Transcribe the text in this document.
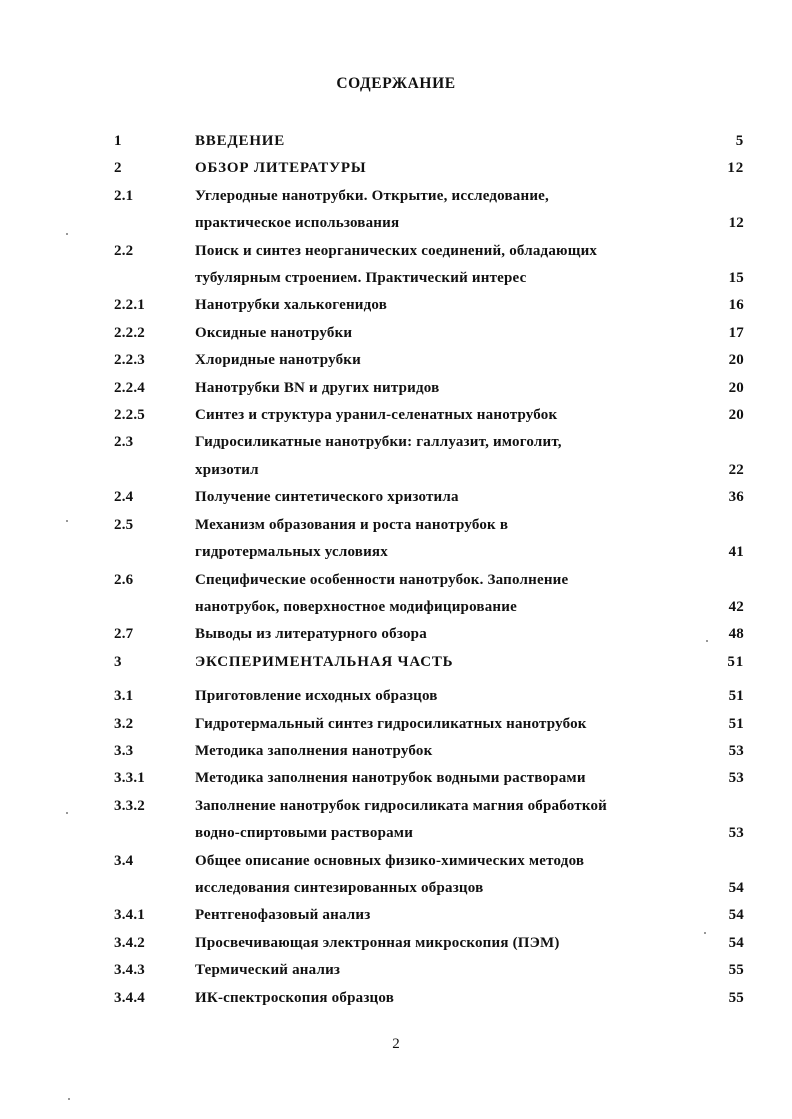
СОДЕРЖАНИЕ
1	ВВЕДЕНИЕ	5
2	ОБЗОР ЛИТЕРАТУРЫ	12
2.1	Углеродные нанотрубки. Открытие, исследование,
практическое использования	12
2.2	Поиск и синтез неорганических соединений, обладающих
тубулярным строением. Практический интерес	15
2.2.1	Нанотрубки халькогенидов	16
2.2.2	Оксидные нанотрубки	17
2.2.3	Хлоридные нанотрубки	20
2.2.4	Нанотрубки BN и других нитридов	20
2.2.5	Синтез и структура уранил-селенатных нанотрубок	20
2.3	Гидросиликатные нанотрубки: галлуазит, имоголит,
хризотил	22
2.4	Получение синтетического хризотила	36
2.5	Механизм образования и роста нанотрубок в
гидротермальных условиях	41
2.6	Специфические особенности нанотрубок. Заполнение
нанотрубок, поверхностное модифицирование	42
2.7	Выводы из литературного обзора	48
3	ЭКСПЕРИМЕНТАЛЬНАЯ ЧАСТЬ	51
3.1	Приготовление исходных образцов	51
3.2	Гидротермальный синтез гидросиликатных нанотрубок	51
3.3	Методика заполнения нанотрубок	53
3.3.1	Методика заполнения нанотрубок водными растворами	53
3.3.2	Заполнение нанотрубок гидросиликата магния обработкой
водно-спиртовыми растворами	53
3.4	Общее описание основных физико-химических методов
исследования синтезированных образцов	54
3.4.1	Рентгенофазовый анализ	54
3.4.2	Просвечивающая электронная микроскопия (ПЭМ)	54
3.4.3	Термический анализ	55
3.4.4	ИК-спектроскопия образцов	55
2
